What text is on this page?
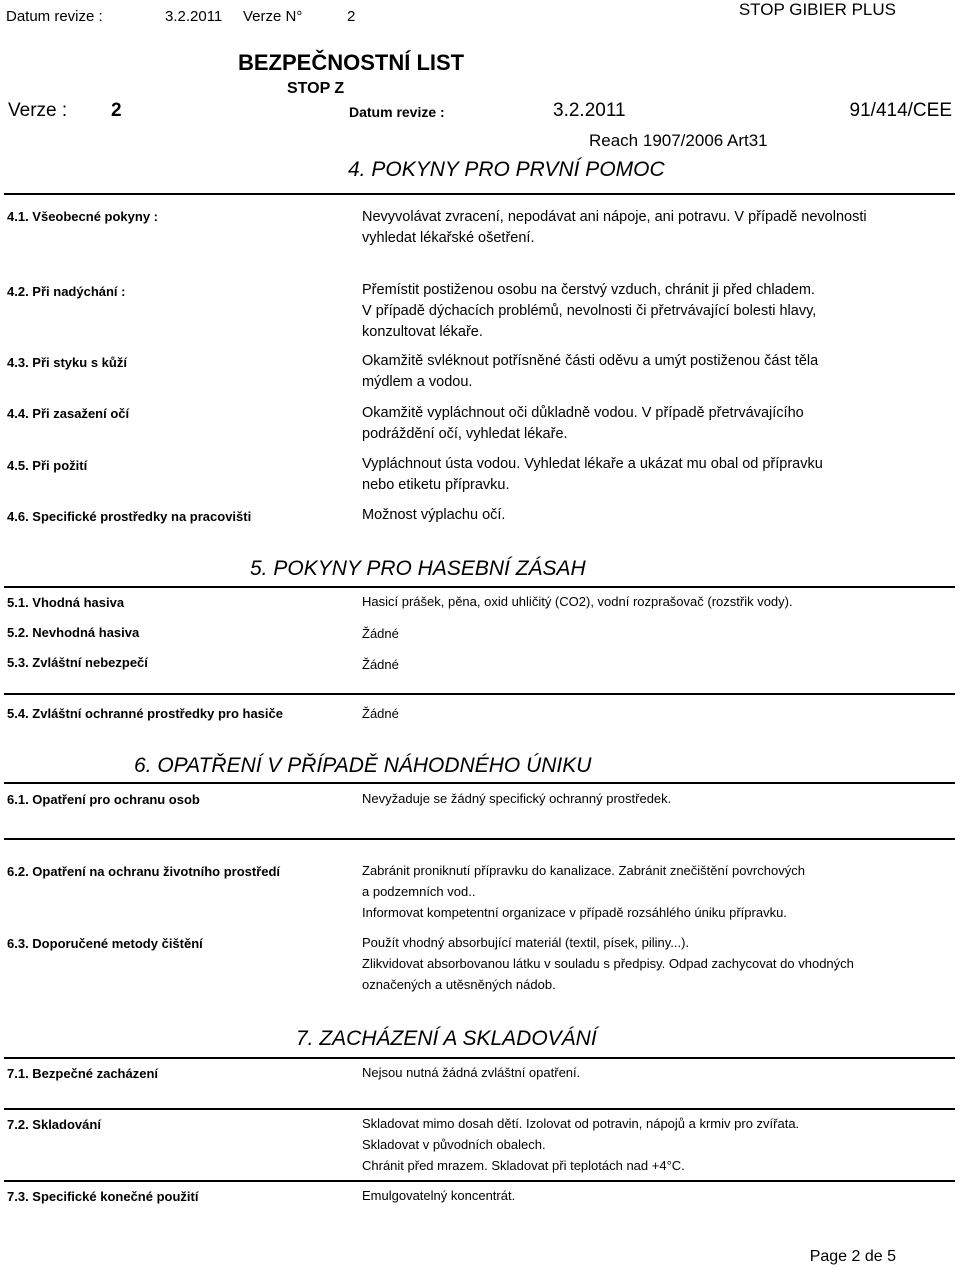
Datum revize :	3.2.2011 Verze N°	2	STOP GIBIER PLUS
BEZPEČNOSTNÍ LIST
STOP Z
Verze : 2	Datum revize :	3.2.2011	91/414/CEE
Reach 1907/2006 Art31
4. POKYNY PRO PRVNÍ POMOC
4.1. Všeobecné pokyny :	Nevyvolávat zvracení, nepodávat ani nápoje, ani potravu. V případě nevolnosti
vyhledat lékařské ošetření.
4.2. Při nadýchání :	Přemístit postiženou osobu na čerstvý vzduch, chránit ji před chladem.
V případě dýchacích problémů, nevolnosti či přetrvávající bolesti hlavy,
konzultovat lékaře.
4.3. Při styku s kůží	Okamžitě svléknout potřísněné části oděvu a umýt postiženou část těla
mýdlem a vodou.
4.4. Při zasažení očí	Okamžitě vypláchnout oči důkladně vodou. V případě přetrvávajícího
podráždění očí, vyhledat lékaře.
4.5. Při požití	Vypláchnout ústa vodou. Vyhledat lékaře a ukázat mu obal od přípravku
nebo etiketu přípravku.
4.6. Specifické prostředky na pracovišti	Možnost výplachu očí.
5. POKYNY PRO HASEBNÍ ZÁSAH
5.1. Vhodná hasiva	Hasicí prášek, pěna, oxid uhličitý (CO2), vodní rozprašovač (rozstřik vody).
5.2. Nevhodná hasiva	Žádné
5.3. Zvláštní nebezpečí	Žádné
5.4. Zvláštní ochranné prostředky pro hasiče	Žádné
6. OPATŘENÍ V PŘÍPADĚ NÁHODNÉHO ÚNIKU
6.1. Opatření pro ochranu osob	Nevyžaduje se žádný specifický ochranný prostředek.
6.2. Opatření na ochranu životního prostředí	Zabránit proniknutí přípravku do kanalizace. Zabránit znečištění povrchových
a podzemních vod..
Informovat kompetentní organizace v případě rozsáhlého úniku přípravku.
6.3. Doporučené metody čištění	Použít vhodný absorbující materiál (textil, písek, piliny...).
Zlikvidovat absorbovanou látku v souladu s předpisy. Odpad zachycovat do vhodných
označených a utěsněných nádob.
7. ZACHÁZENÍ A SKLADOVÁNÍ
7.1. Bezpečné zacházení	Nejsou nutná žádná zvláštní opatření.
7.2. Skladování	Skladovat mimo dosah dětí. Izolovat od potravin, nápojů a krmiv pro zvířata.
Skladovat v původních obalech.
Chránit před mrazem. Skladovat při teplotách nad +4°C.
7.3. Specifické konečné použití	Emulgovatelný koncentrát.
Page 2 de 5
